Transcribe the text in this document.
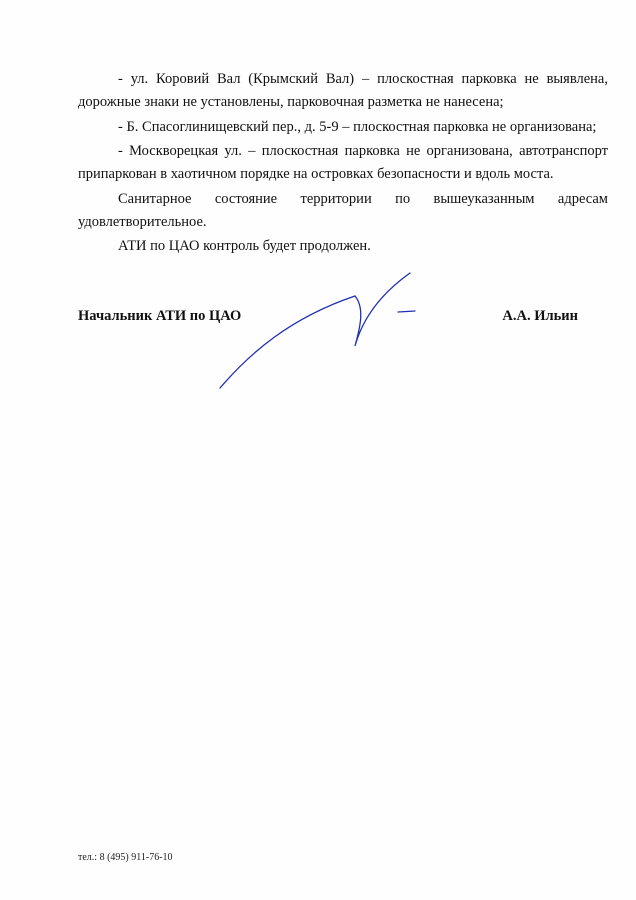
- ул. Коровий Вал (Крымский Вал) – плоскостная парковка не выявлена,
дорожные знаки не установлены, парковочная разметка не нанесена;

- Б. Спасоглинищевский пер., д. 5-9 – плоскостная парковка не организована;

- Москворецкая ул. – плоскостная парковка не организована, автотранспорт
припаркован в хаотичном порядке на островках безопасности и вдоль моста.

Санитарное состояние территории по вышеуказанным адресам
удовлетворительное.

АТИ по ЦАО контроль будет продолжен.

Начальник АТИ по ЦАО	А.А. Ильин
тел.: 8 (495) 911-76-10
